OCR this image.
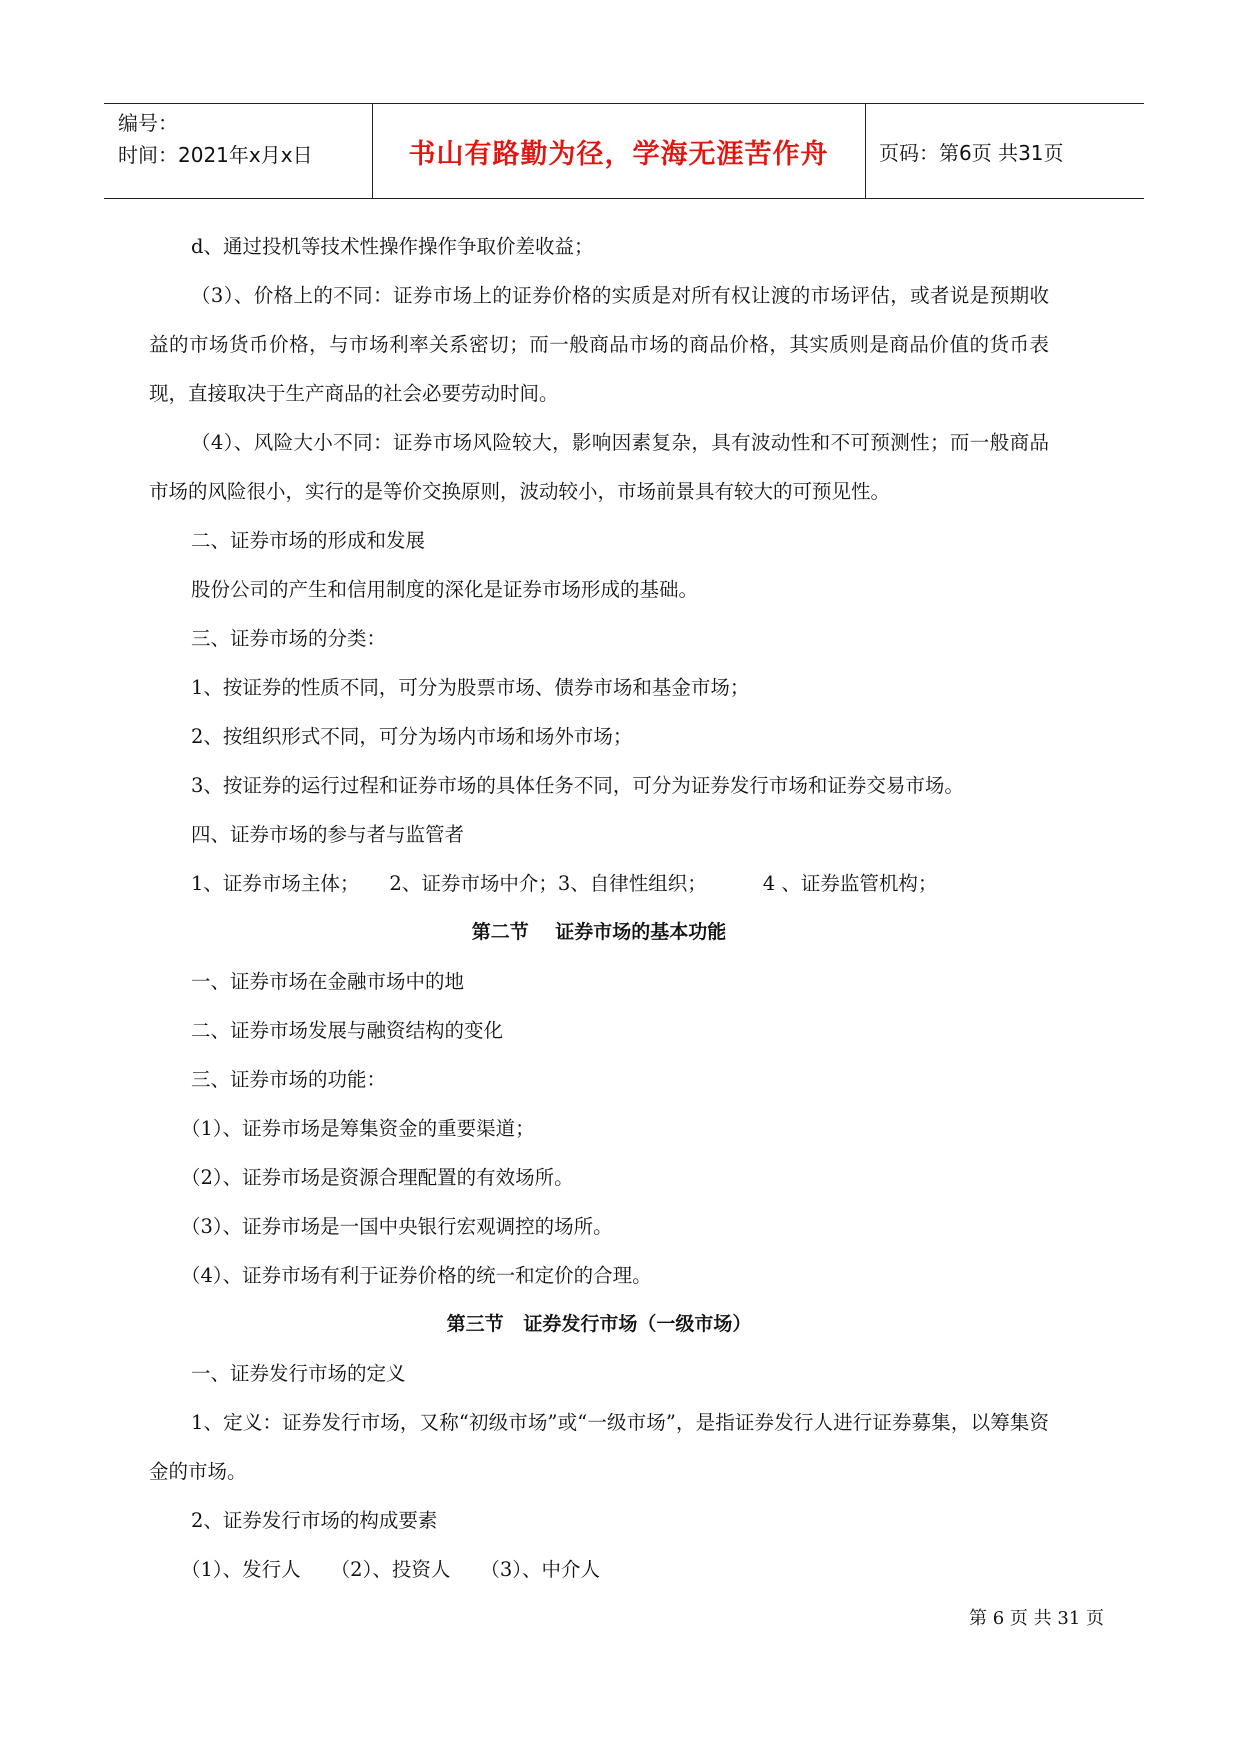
编号：
时间：2021年x月x日	书山有路勤为径，学海无涯苦作舟	页码：第6页 共31页

d、通过投机等技术性操作操作争取价差收益；

（3）、价格上的不同：证券市场上的证券价格的实质是对所有权让渡的市场评估，或者说是预期收益的市场货币价格，与市场利率关系密切；而一般商品市场的商品价格，其实质则是商品价值的货币表现，直接取决于生产商品的社会必要劳动时间。

（4）、风险大小不同：证券市场风险较大，影响因素复杂，具有波动性和不可预测性；而一般商品市场的风险很小，实行的是等价交换原则，波动较小，市场前景具有较大的可预见性。

二、证券市场的形成和发展

股份公司的产生和信用制度的深化是证券市场形成的基础。

三、证券市场的分类：

1、按证券的性质不同，可分为股票市场、债券市场和基金市场；

2、按组织形式不同，可分为场内市场和场外市场；

3、按证券的运行过程和证券市场的具体任务不同，可分为证券发行市场和证券交易市场。

四、证券市场的参与者与监管者

1、证券市场主体； 2、证券市场中介；3、自律性组织；	4 、证券监管机构；

第二节    证券市场的基本功能

一、证券市场在金融市场中的地

二、证券市场发展与融资结构的变化

三、证券市场的功能：

（1）、证券市场是筹集资金的重要渠道；

（2）、证券市场是资源合理配置的有效场所。

（3）、证券市场是一国中央银行宏观调控的场所。

（4）、证券市场有利于证券价格的统一和定价的合理。

第三节   证券发行市场（一级市场）

一、证券发行市场的定义

1、定义：证券发行市场，又称“初级市场”或“一级市场”，是指证券发行人进行证券募集，以筹集资金的市场。

2、证券发行市场的构成要素

（1）、发行人 （2）、投资人 （3）、中介人

第 6 页 共 31 页
